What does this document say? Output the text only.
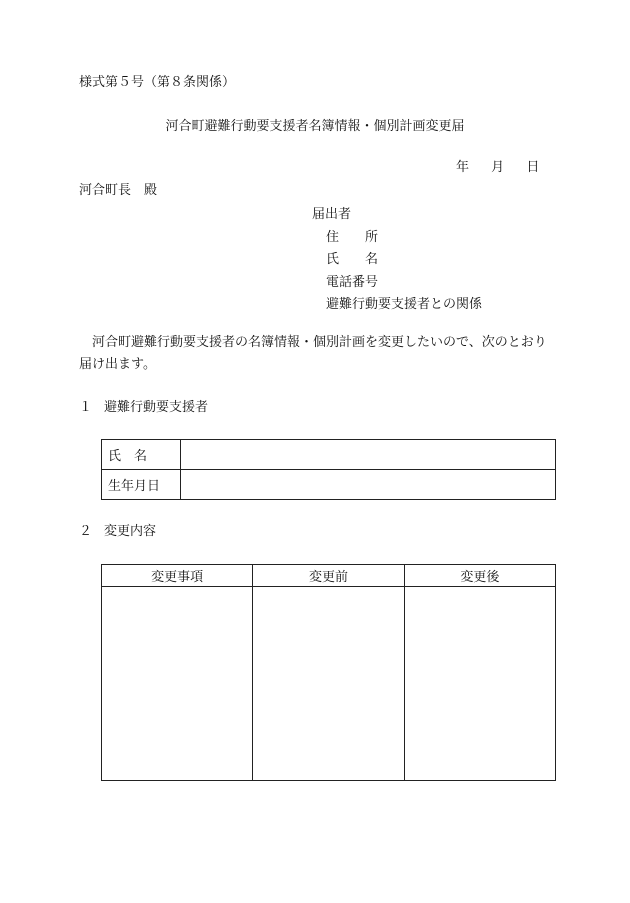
様式第５号（第８条関係）
河合町避難行動要支援者名簿情報・個別計画変更届
年 月 日
河合町長　殿
届出者
住　　所
氏　　名
電話番号
避難行動要支援者との関係
河合町避難行動要支援者の名簿情報・個別計画を変更したいので、次のとおり届け出ます。
１ 避難行動要支援者
氏　名	
生年月日	
２ 変更内容
変更事項	変更前	変更後
